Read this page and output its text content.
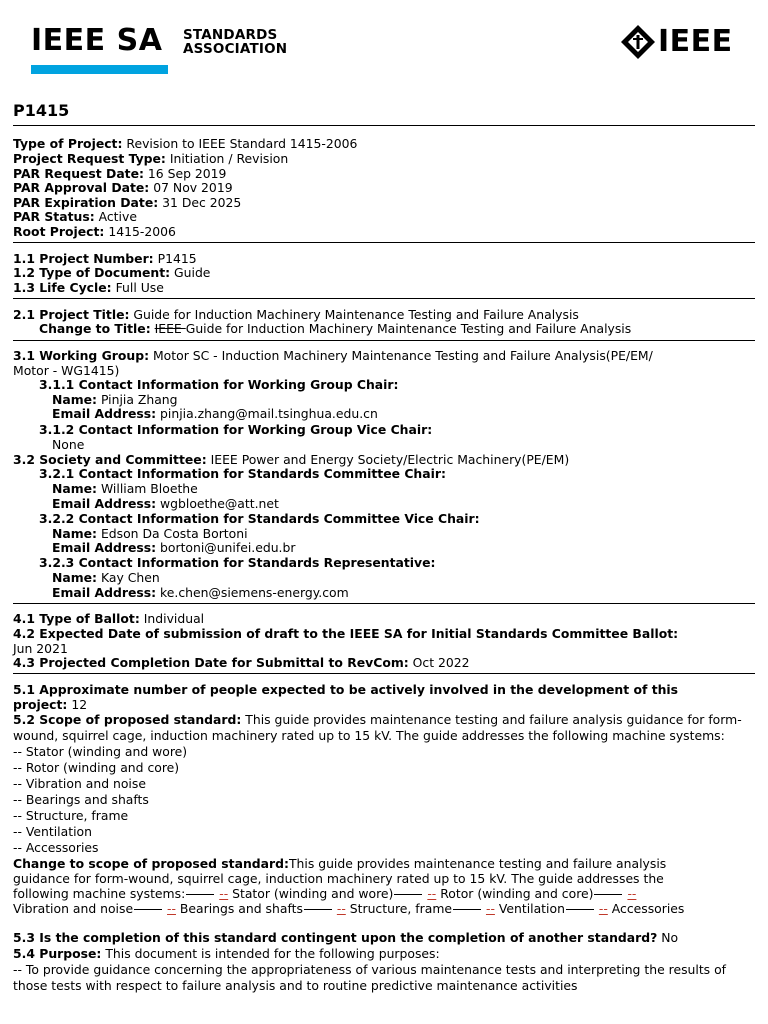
IEEE SA STANDARDS
ASSOCIATION	IEEE
P1415
Type of Project: Revision to IEEE Standard 1415-2006
Project Request Type: Initiation / Revision
PAR Request Date: 16 Sep 2019
PAR Approval Date: 07 Nov 2019
PAR Expiration Date: 31 Dec 2025
PAR Status: Active
Root Project: 1415-2006
1.1 Project Number: P1415
1.2 Type of Document: Guide
1.3 Life Cycle: Full Use
2.1 Project Title: Guide for Induction Machinery Maintenance Testing and Failure Analysis
Change to Title: IEEE Guide for Induction Machinery Maintenance Testing and Failure Analysis
3.1 Working Group: Motor SC - Induction Machinery Maintenance Testing and Failure Analysis(PE/EM/
Motor - WG1415)
3.1.1 Contact Information for Working Group Chair:
Name: Pinjia Zhang
Email Address: pinjia.zhang@mail.tsinghua.edu.cn
3.1.2 Contact Information for Working Group Vice Chair:
None
3.2 Society and Committee: IEEE Power and Energy Society/Electric Machinery(PE/EM)
3.2.1 Contact Information for Standards Committee Chair:
Name: William Bloethe
Email Address: wgbloethe@att.net
3.2.2 Contact Information for Standards Committee Vice Chair:
Name: Edson Da Costa Bortoni
Email Address: bortoni@unifei.edu.br
3.2.3 Contact Information for Standards Representative:
Name: Kay Chen
Email Address: ke.chen@siemens-energy.com
4.1 Type of Ballot: Individual
4.2 Expected Date of submission of draft to the IEEE SA for Initial Standards Committee Ballot:
Jun 2021
4.3 Projected Completion Date for Submittal to RevCom: Oct 2022
5.1 Approximate number of people expected to be actively involved in the development of this
project: 12
5.2 Scope of proposed standard: This guide provides maintenance testing and failure analysis guidance for form-
wound, squirrel cage, induction machinery rated up to 15 kV. The guide addresses the following machine systems:
-- Stator (winding and wore)
-- Rotor (winding and core)
-- Vibration and noise
-- Bearings and shafts
-- Structure, frame
-- Ventilation
-- Accessories
Change to scope of proposed standard:This guide provides maintenance testing and failure analysis
guidance for form-wound, squirrel cage, induction machinery rated up to 15 kV. The guide addresses the
following machine systems:	-- Stator (winding and wore)	-- Rotor (winding and core)	--
Vibration and noise	-- Bearings and shafts	-- Structure, frame	-- Ventilation	-- Accessories
5.3 Is the completion of this standard contingent upon the completion of another standard? No
5.4 Purpose: This document is intended for the following purposes:
-- To provide guidance concerning the appropriateness of various maintenance tests and interpreting the results of
those tests with respect to failure analysis and to routine predictive maintenance activities
